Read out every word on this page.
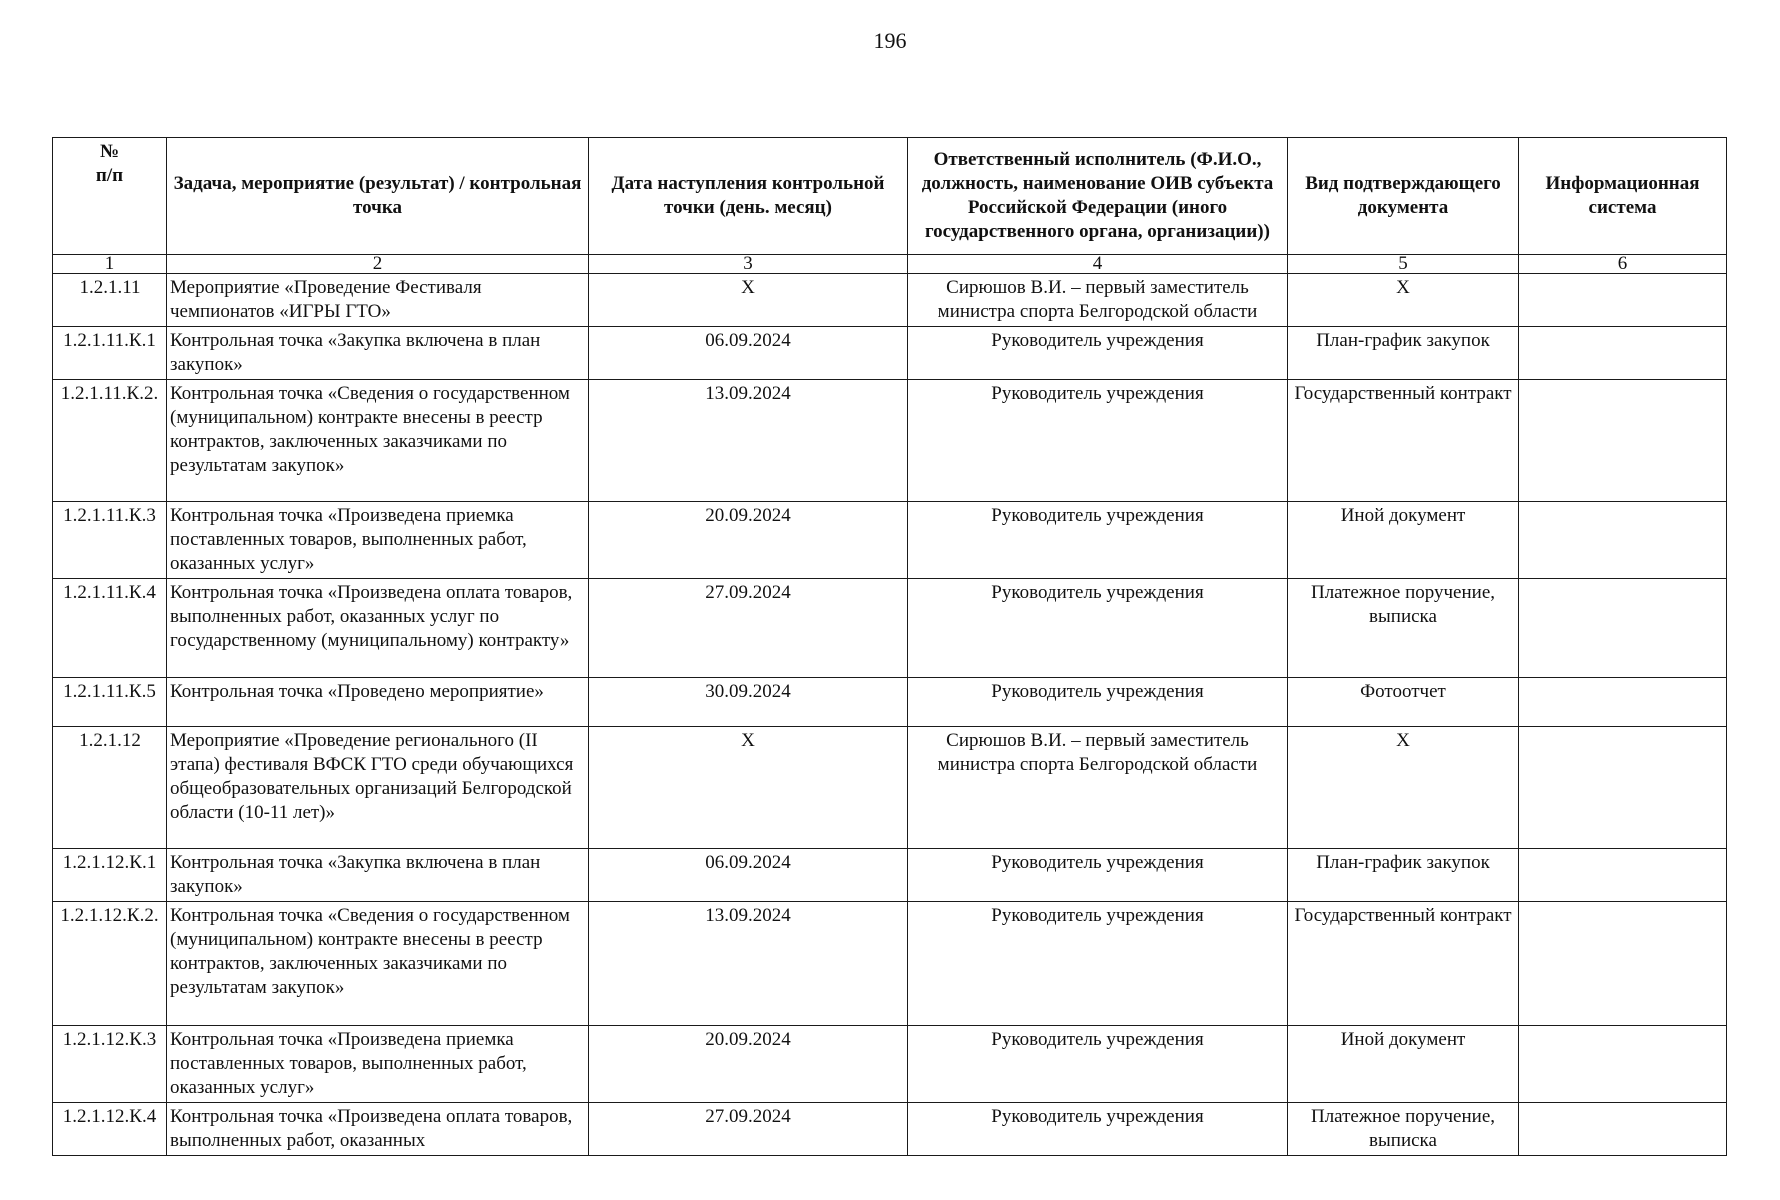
196
№
п/п	Задача, мероприятие (результат) / контрольная точка	Дата наступления контрольной точки (день. месяц)	Ответственный исполнитель (Ф.И.О., должность, наименование ОИВ субъекта Российской Федерации (иного государственного органа, организации))	Вид подтверждающего документа	Информационная система
1	2	3	4	5	6
1.2.1.11	Мероприятие «Проведение Фестиваля чемпионатов «ИГРЫ ГТО»	Х	Сирюшов В.И. – первый заместитель министра спорта Белгородской области	Х	
1.2.1.11.К.1	Контрольная точка «Закупка включена в план закупок»	06.09.2024	Руководитель учреждения	План-график закупок	
1.2.1.11.К.2.	Контрольная точка «Сведения о государственном (муниципальном) контракте внесены в реестр контрактов, заключенных заказчиками по результатам закупок»	13.09.2024	Руководитель учреждения	Государственный контракт	
1.2.1.11.К.3	Контрольная точка «Произведена приемка поставленных товаров, выполненных работ, оказанных услуг»	20.09.2024	Руководитель учреждения	Иной документ	
1.2.1.11.К.4	Контрольная точка «Произведена оплата товаров, выполненных работ, оказанных услуг по государственному (муниципальному) контракту»	27.09.2024	Руководитель учреждения	Платежное поручение, выписка	
1.2.1.11.К.5	Контрольная точка «Проведено мероприятие»	30.09.2024	Руководитель учреждения	Фотоотчет	
1.2.1.12	Мероприятие «Проведение регионального (II этапа) фестиваля ВФСК ГТО среди обучающихся общеобразовательных организаций Белгородской области (10-11 лет)»	Х	Сирюшов В.И. – первый заместитель министра спорта Белгородской области	Х	
1.2.1.12.К.1	Контрольная точка «Закупка включена в план закупок»	06.09.2024	Руководитель учреждения	План-график закупок	
1.2.1.12.К.2.	Контрольная точка «Сведения о государственном (муниципальном) контракте внесены в реестр контрактов, заключенных заказчиками по результатам закупок»	13.09.2024	Руководитель учреждения	Государственный контракт	
1.2.1.12.К.3	Контрольная точка «Произведена приемка поставленных товаров, выполненных работ, оказанных услуг»	20.09.2024	Руководитель учреждения	Иной документ	
1.2.1.12.К.4	Контрольная точка «Произведена оплата товаров, выполненных работ, оказанных	27.09.2024	Руководитель учреждения	Платежное поручение, выписка	
